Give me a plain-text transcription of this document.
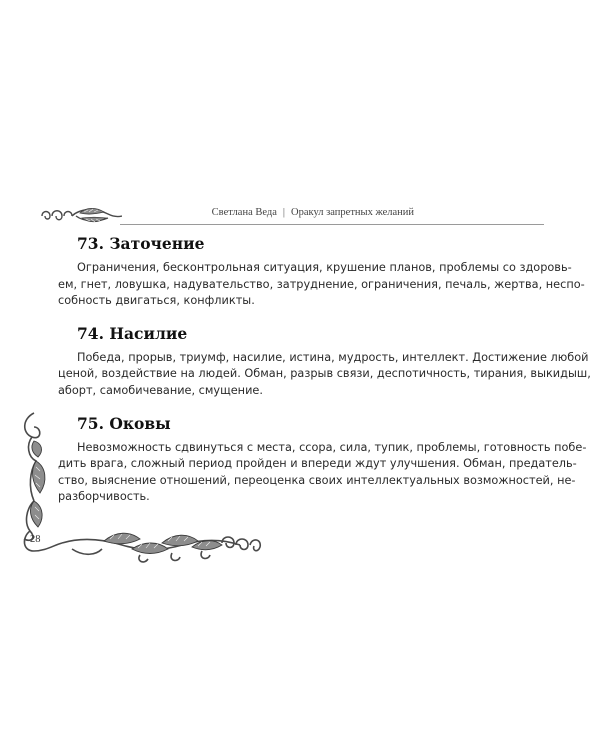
Светлана Веда | Оракул запретных желаний
73. Заточение

Ограничения, бесконтрольная ситуация, крушение планов, проблемы со здоровь-
ем, гнет, ловушка, надувательство, затруднение, ограничения, печаль, жертва, неспо-
собность двигаться, конфликты.

74. Насилие

Победа, прорыв, триумф, насилие, истина, мудрость, интеллект. Достижение любой
ценой, воздействие на людей. Обман, разрыв связи, деспотичность, тирания, выкидыш,
аборт, самобичевание, смущение.

75. Оковы

Невозможность сдвинуться с места, ссора, сила, тупик, проблемы, готовность побе-
дить врага, сложный период пройден и впереди ждут улучшения. Обман, предатель-
ство, выяснение отношений, переоценка своих интеллектуальных возможностей, не-
разборчивость.

28
